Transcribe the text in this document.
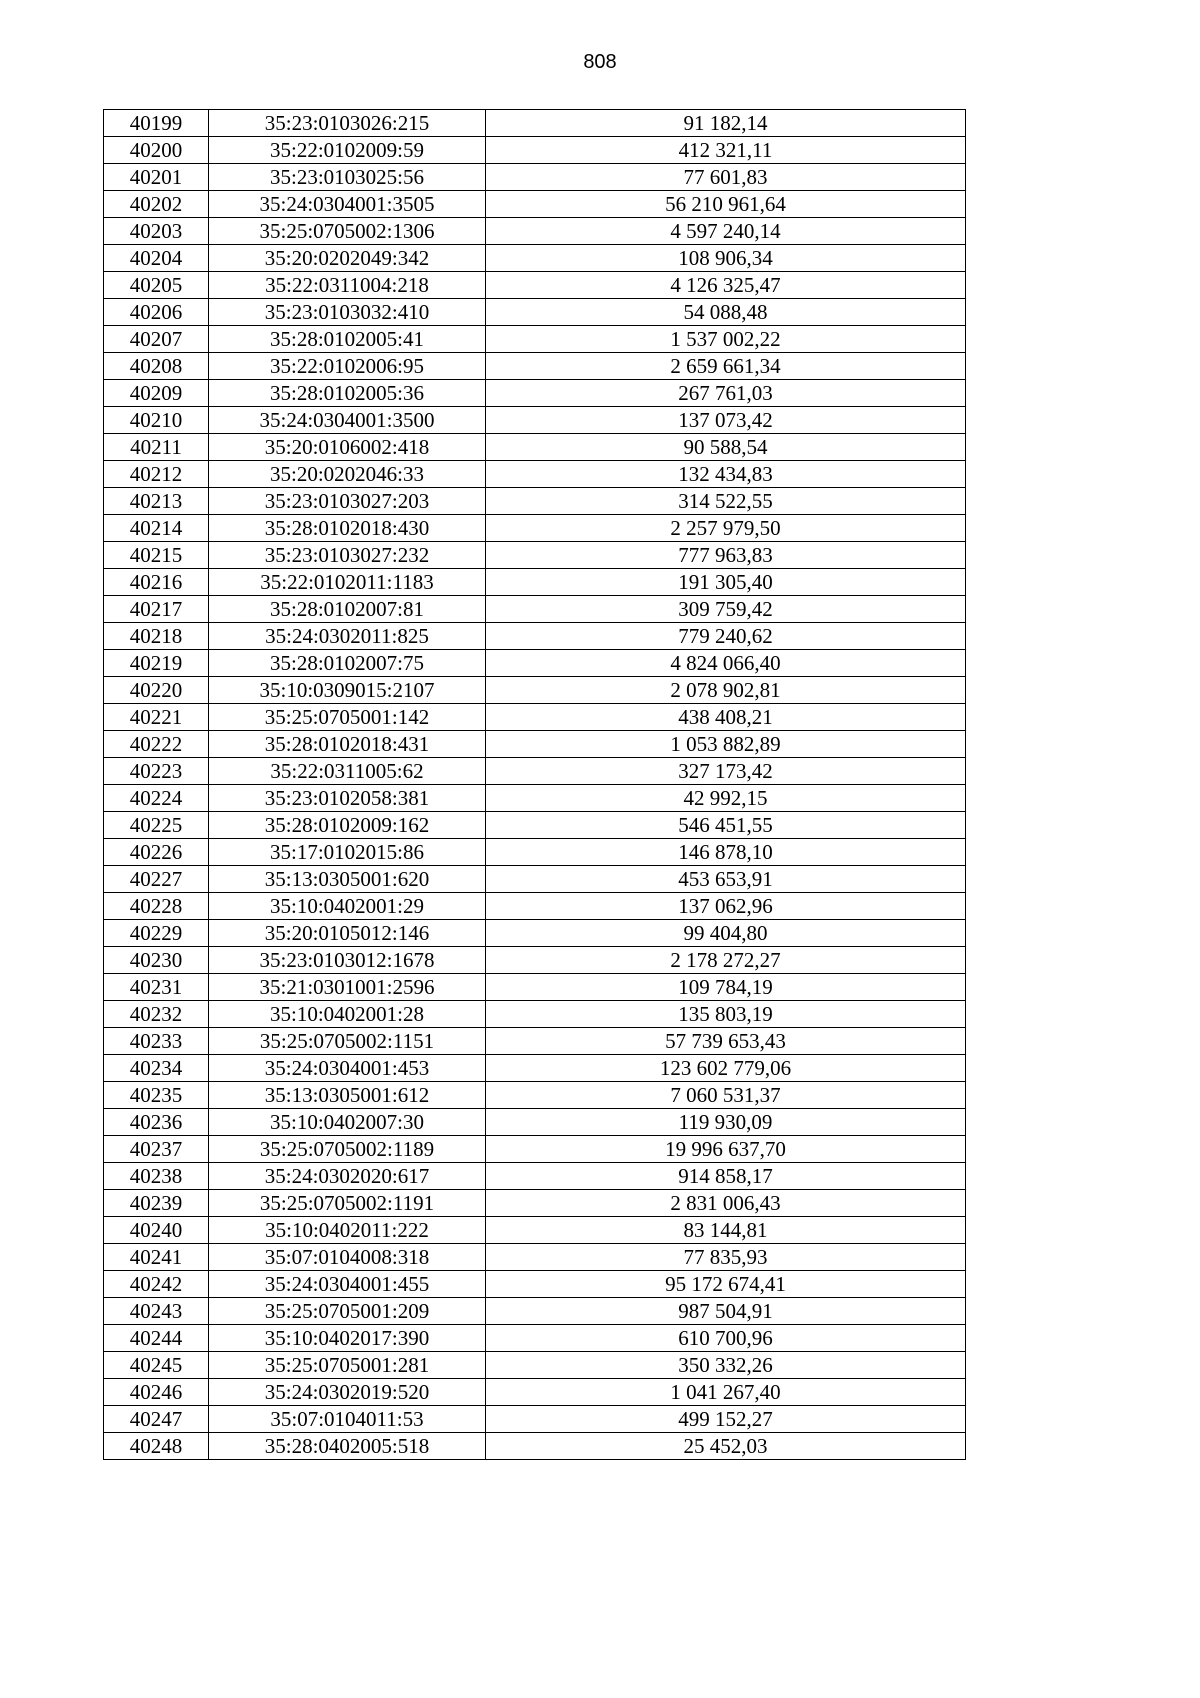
808
40199	35:23:0103026:215	91 182,14
40200	35:22:0102009:59	412 321,11
40201	35:23:0103025:56	77 601,83
40202	35:24:0304001:3505	56 210 961,64
40203	35:25:0705002:1306	4 597 240,14
40204	35:20:0202049:342	108 906,34
40205	35:22:0311004:218	4 126 325,47
40206	35:23:0103032:410	54 088,48
40207	35:28:0102005:41	1 537 002,22
40208	35:22:0102006:95	2 659 661,34
40209	35:28:0102005:36	267 761,03
40210	35:24:0304001:3500	137 073,42
40211	35:20:0106002:418	90 588,54
40212	35:20:0202046:33	132 434,83
40213	35:23:0103027:203	314 522,55
40214	35:28:0102018:430	2 257 979,50
40215	35:23:0103027:232	777 963,83
40216	35:22:0102011:1183	191 305,40
40217	35:28:0102007:81	309 759,42
40218	35:24:0302011:825	779 240,62
40219	35:28:0102007:75	4 824 066,40
40220	35:10:0309015:2107	2 078 902,81
40221	35:25:0705001:142	438 408,21
40222	35:28:0102018:431	1 053 882,89
40223	35:22:0311005:62	327 173,42
40224	35:23:0102058:381	42 992,15
40225	35:28:0102009:162	546 451,55
40226	35:17:0102015:86	146 878,10
40227	35:13:0305001:620	453 653,91
40228	35:10:0402001:29	137 062,96
40229	35:20:0105012:146	99 404,80
40230	35:23:0103012:1678	2 178 272,27
40231	35:21:0301001:2596	109 784,19
40232	35:10:0402001:28	135 803,19
40233	35:25:0705002:1151	57 739 653,43
40234	35:24:0304001:453	123 602 779,06
40235	35:13:0305001:612	7 060 531,37
40236	35:10:0402007:30	119 930,09
40237	35:25:0705002:1189	19 996 637,70
40238	35:24:0302020:617	914 858,17
40239	35:25:0705002:1191	2 831 006,43
40240	35:10:0402011:222	83 144,81
40241	35:07:0104008:318	77 835,93
40242	35:24:0304001:455	95 172 674,41
40243	35:25:0705001:209	987 504,91
40244	35:10:0402017:390	610 700,96
40245	35:25:0705001:281	350 332,26
40246	35:24:0302019:520	1 041 267,40
40247	35:07:0104011:53	499 152,27
40248	35:28:0402005:518	25 452,03
